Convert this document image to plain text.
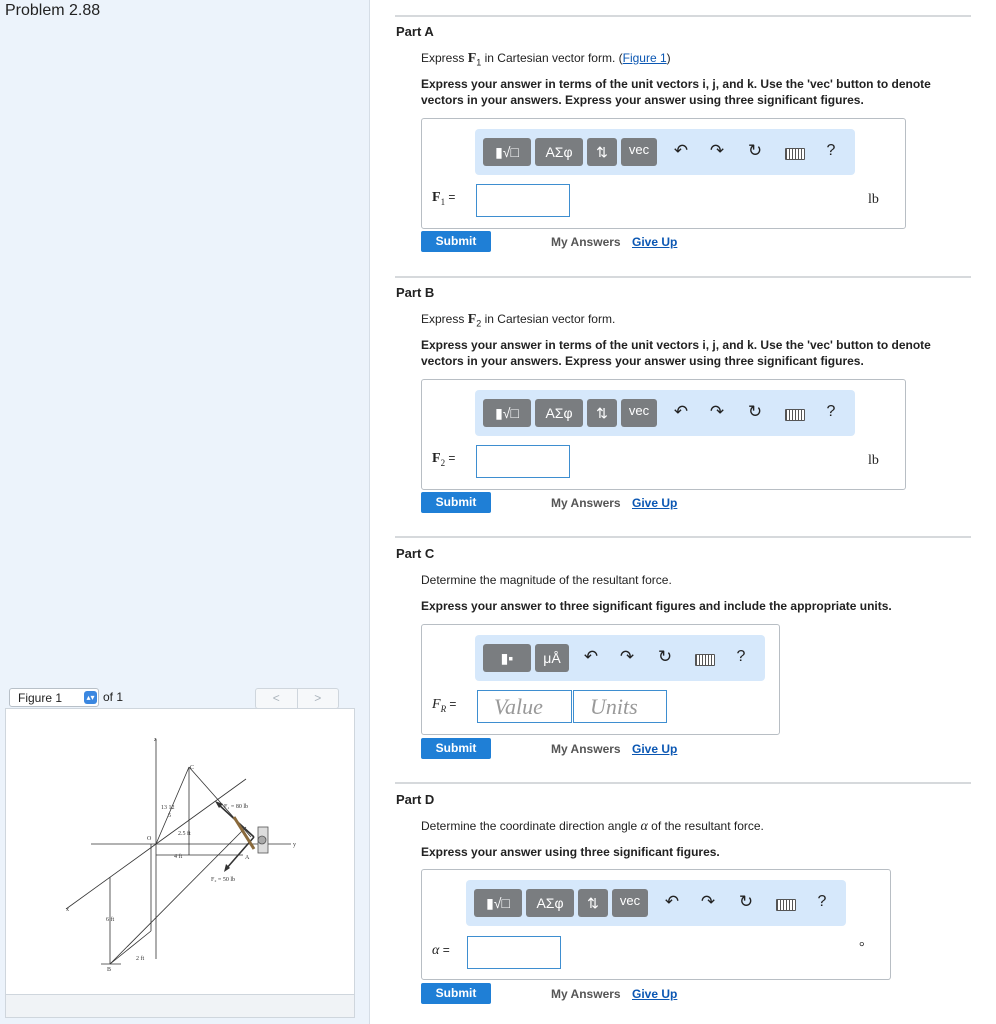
Problem 2.88
Figure 1	▴▾ of 1	<	>
z
x
y
C
O
A
B
F₁ = 80 lb
F₂ = 50 lb
2.5 ft
4 ft
6 ft
2 ft
13 12
5
Part A
Express $F_1$ in Cartesian vector form. (Figure 1)
Express your answer in terms of the unit vectors i, j, and k. Use the 'vec' button to denote vectors in your answers. Express your answer using three significant figures.
▮√□	ΑΣφ	⇅	vec	↶ ↷ ↻	?
$F_1$ =	lb
Submit	My Answers Give Up
Part B
Express $F_2$ in Cartesian vector form.
Express your answer in terms of the unit vectors i, j, and k. Use the 'vec' button to denote vectors in your answers. Express your answer using three significant figures.
▮√□	ΑΣφ	⇅	vec	↶ ↷ ↻	?
$F_2$ =	lb
Submit	My Answers Give Up
Part C
Determine the magnitude of the resultant force.
Express your answer to three significant figures and include the appropriate units.
▮▪	μÅ	↶ ↷ ↻	?
$F_R$ =	Value	Units
Submit	My Answers Give Up
Part D
Determine the coordinate direction angle α of the resultant force.
Express your answer using three significant figures.
▮√□	ΑΣφ	⇅	vec	↶ ↷ ↻	?
α =	°
Submit	My Answers Give Up
